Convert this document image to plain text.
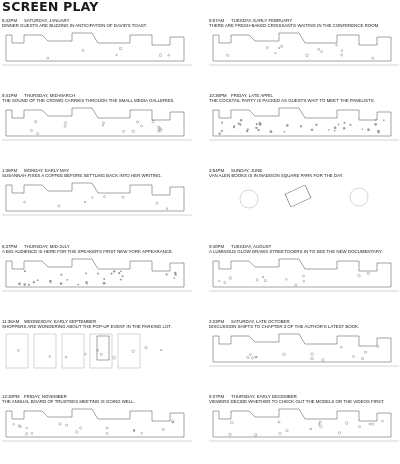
SCREEN PLAY
8:42PM SATURDAY, JANUARY
DINNER GUESTS ARE BUZZING IN ANTICIPATION OF DAVID'S TOAST.
9:57AM TUESDAY, EARLY FEBRUARY
THERE ARE FRESH-BAKED CROISSANTS WAITING IN THE CONFERENCE ROOM.
9:41PM THURSDAY, MID-MARCH
THE SOUND OF THE CROWD CARRIES THROUGH THE SMALL MEDIA GALLERIES.
10:36PM FRIDAY, LATE APRIL
THE COCKTAIL PARTY IS PACKED AS GUESTS WAIT TO MEET THE PANELISTS.
1:36PM MONDAY, EARLY MAY
SUSANNAH FIXES A COFFEE BEFORE SETTLING BACK INTO HER WRITING.
3:54PM SUNDAY, JUNE
VAN ALEN BOOKS IS IN MADISON SQUARE PARK FOR THE DAY.
6:37PM THURSDAY, MID-JULY
A BIG AUDIENCE IS HERE FOR THE SPEAKER'S FIRST NEW YORK APPEARANCE.
9:40PM TUESDAY, AUGUST
A LUMINOUS GLOW DRAWS STREETGOERS IN TO SEE THE NEW DOCUMENTARY.
11:36AM WEDNESDAY, EARLY SEPTEMBER
SHOPPERS ARE WONDERING ABOUT THE POP-UP EVENT IN THE PARKING LOT.
2:23PM SATURDAY, LATE OCTOBER
DISCUSSION SHIFTS TO CHAPTER 3 OF THE AUTHOR'S LATEST BOOK.
12:30PM FRIDAY, NOVEMBER
THE ANNUAL BOARD OF TRUSTEES MEETING IS GOING WELL.
9:37PM THURSDAY, EARLY DECEMBER
VIEWERS DECIDE WHETHER TO CHECK OUT THE MODELS OR THE VIDEOS FIRST.
